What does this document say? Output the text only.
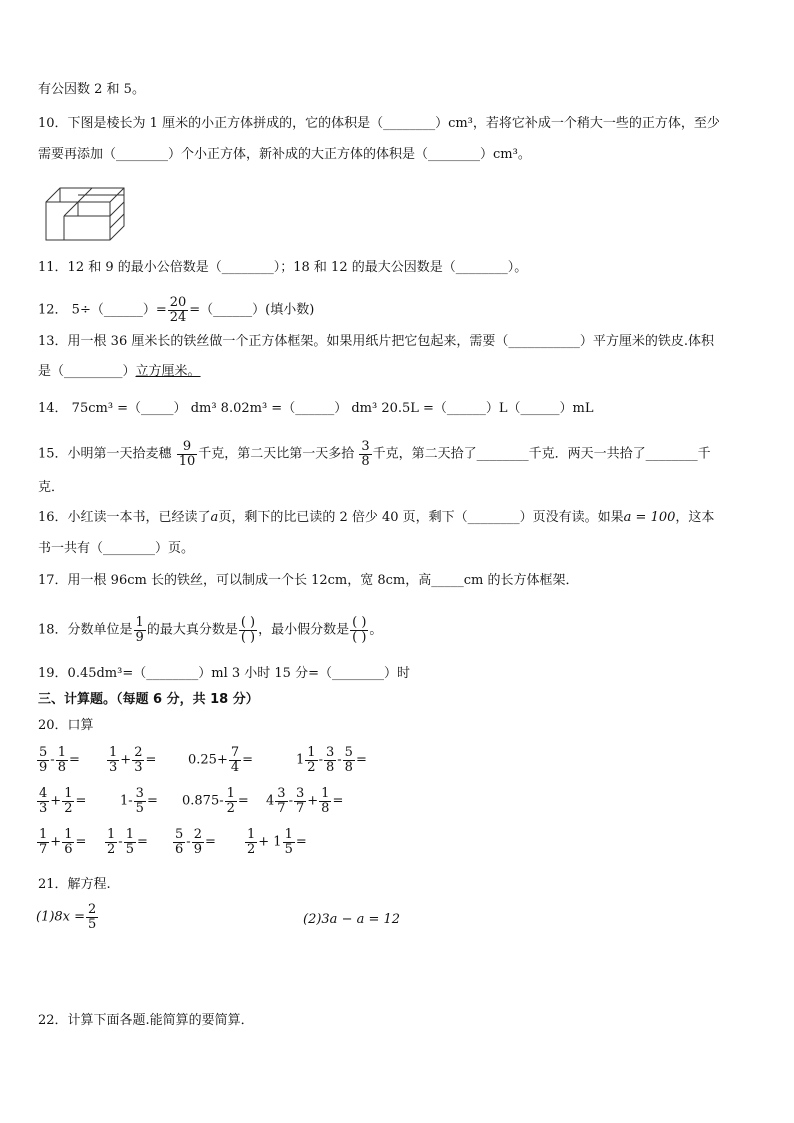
有公因数 2 和 5。
10．下图是棱长为 1 厘米的小正方体拼成的，它的体积是（________）cm³，若将它补成一个稍大一些的正方体，至少
需要再添加（________）个小正方体，新补成的大正方体的体积是（________）cm³。
11．12 和 9 的最小公倍数是（________）；18 和 12 的最大公因数是（________）。
12． 5÷（______）= $\frac{20}{24}$ =（______）(填小数)
13．用一根 36 厘米长的铁丝做一个正方体框架。如果用纸片把它包起来，需要（___________）平方厘米的铁皮.体积
是（_________）立方厘米。
14． 75cm³ =（_____） dm³ 8.02m³ =（______） dm³ 20.5L =（______）L（______）mL
15．小明第一天拾麦穗 $\frac{9}{10}$ 千克，第二天比第一天多拾 $\frac{3}{8}$ 千克，第二天拾了________千克．两天一共拾了________千
克．
16．小红读一本书，已经读了a页，剩下的比已读的 2 倍少 40 页，剩下（________）页没有读。如果a = 100，这本
书一共有（________）页。
17．用一根 96cm 长的铁丝，可以制成一个长 12cm，宽 8cm，高_____cm 的长方体框架．
18．分数单位是 $\frac{1}{9}$ 的最大真分数是 $\frac{( )}{( )}$ ，最小假分数是 $\frac{( )}{( )}$ 。
19．0.45dm³=（________）ml 3 小时 15 分=（________）时
三、计算题。（每题 6 分，共 18 分）
20．口算
$\frac{5}{9} - \frac{1}{8} = \frac{1}{3} + \frac{2}{3} = 0.25+ \frac{7}{4}$ =	$1 \frac{1}{2} - \frac{3}{8} - \frac{5}{8}$ =
$\frac{4}{3} + \frac{1}{2}$ =	$1- \frac{3}{5} = 0.875- \frac{1}{2} = 4 \frac{3}{7} - \frac{3}{7} + \frac{1}{8}$ =
$\frac{1}{7} + \frac{1}{6} = \frac{1}{2} - \frac{1}{5} = \frac{5}{6} - \frac{2}{9} = \frac{1}{2} + 1 \frac{1}{5}$ =
21．解方程.
$(1)8x = \frac{2}{5}$	(2)3a − a = 12
22．计算下面各题.能简算的要简算．
